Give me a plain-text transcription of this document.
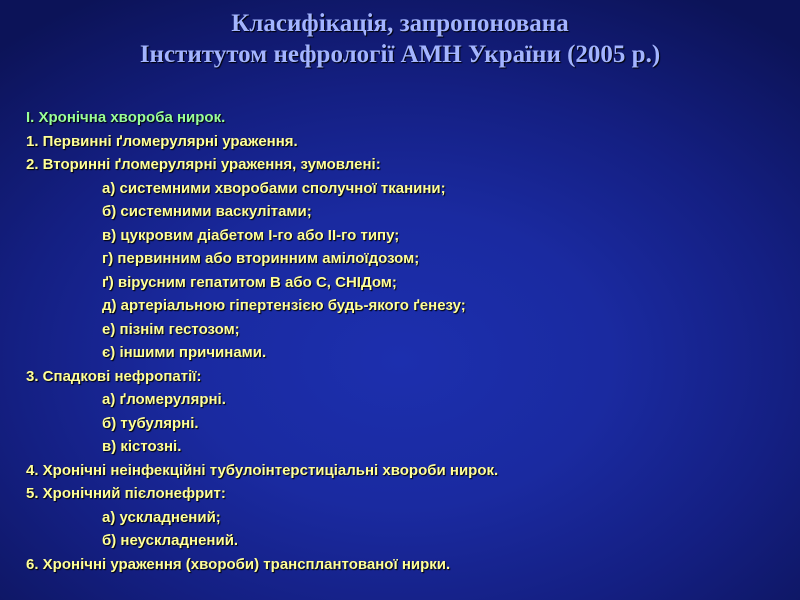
Класифікація, запропонована
Інститутом нефрології АМН України (2005 р.)
І. Хронічна хвороба нирок.
1. Первинні ґломерулярні ураження.
2. Вторинні ґломерулярні ураження, зумовлені:
а) системними хворобами сполучної тканини;
б) системними васкулітами;
в) цукровим діабетом І-го або ІІ-го типу;
г) первинним або вторинним амілоїдозом;
ґ) вірусним гепатитом В або С, СНІДом;
д) артеріальною гіпертензією будь-якого ґенезу;
е) пізнім гестозом;
є) іншими причинами.
3. Спадкові нефропатії:
а) ґломерулярні.
б) тубулярні.
в) кістозні.
4. Хронічні неінфекційні тубулоінтерстиціальні хвороби нирок.
5. Хронічний пієлонефрит:
а) ускладнений;
б) неускладнений.
6. Хронічні ураження (хвороби) трансплантованої нирки.
